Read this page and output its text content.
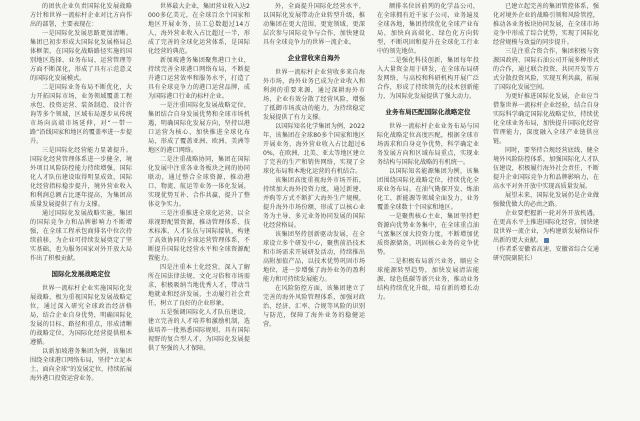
的团伙企业负责国际化发展战略方针和世界一流标杆企业对比方向作出的部署，主要表现在：

一是国际化发展思路更加清晰。集团已初步形成大国际化发展格局总体框架，在国际化战略路径实施的国别地区选择、业务布局、运营管理等方面不断深化，形成了具有示范意义的国际化发展模式。

二是国际业务布局不断优化，大力开拓国际市场，业务领域覆盖工程承包、投资运营、装备制造、设计咨询等多个领域，区域布局逐步从传统市场向高端市场延伸，对“一带一路”沿线国家和地区的覆盖率进一步提升。

三是国际化经营能力显著提升。国际化经营管理体系进一步健全，境外项目风险防控能力持续增强，国际化人才队伍建设取得明显成效，国际化经营指标稳步提升，境外营业收入和利润总额占比逐年提高，为集团高质量发展提供了有力支撑。

通过国际化发展战略实施，集团的国际竞争力和品牌影响力不断增强，在全球工程承包商排名中位次持续前移，为企业可持续发展奠定了坚实基础，也为服务国家对外开放大局作出了积极贡献。

国际化发展战略定位

世界一流标杆企业实施国际化发展战略，极为重视国际化发展战略定位，通过深入研究全球政治经济格局，结合企业自身优势，明确国际化发展的目标、路径和重点，形成清晰的战略定位，为国际化经营提供根本遵循。

以新加坡港务集团为例，该集团围绕全球港口网络布局，坚持“立足本土、面向全球”的发展定位，持续拓展海外港口投资运营业务。

世界最大企业，集团营业收入达2000多亿美元，在全球百余个国家和地区开展业务，员工总数超过14万人，海外营业收入占比超过一半，形成了完善的全球化运营体系，是国际化经营的典范。

新加坡港务集团聚焦港口主业，持续完善全球港口网络布局，不断提升港口运营效率和服务水平，打造了具有全球竞争力的港口运营品牌，成为国际港口行业的标杆企业。

一是注重国际化发展战略定位，集团结合自身发展优势和全球市场机遇，明确国际化发展方向，坚持以港口运营为核心，加快推进全球化布局，形成了覆盖亚洲、欧洲、美洲等地区的港口网络。

二是注重战略协同，集团在国际化发展中注重各业务板块之间的协同联动，通过整合全球资源，推动港口、物流、航运等业务一体化发展，实现优势互补、合作共赢，提升了整体竞争实力。

三是注重推进全球化运营，以全球视野配置资源，推动管理体系、技术标准、人才队伍与国际接轨，构建了高效协同的全球运营管理体系，不断提升国际化经营水平和全球资源配置能力。

四是注重本土化经营，深入了解所在国法律法规、文化习俗和市场需求，积极吸纳当地优秀人才，带动当地就业和经济发展，主动履行社会责任，树立了良好的企业形象。

五是强调国际化人才队伍建设，建立完善的人才培养和激励机制，选拔培养一批熟悉国际规则、具有国际视野的复合型人才，为国际化发展提供了坚强的人才保障。

外，全面提升国际化经营水平，以国际化发展带动企业转型升级，推动集团在更大范围、更宽领域、更深层次参与国际竞争与合作，加快建设具有全球竞争力的世界一流企业。

企业营收来自海外

世界一流标杆企业营收多来自海外市场，海外业务已成为企业收入和利润的重要来源，通过深耕海外市场，企业有效分散了经营风险，增强了抵御市场波动的能力，为持续稳定发展提供了有力支撑。

以国际知名化学集团为例，2022年，该集团在全球80多个国家和地区开展业务，海外营业收入占比超过60%，在欧洲、北美、亚太等地区建立了完善的生产和销售网络，实现了全球化布局和本地化运营的有机结合。

该集团高度重视海外市场开拓，持续加大海外投资力度，通过新建、并购等方式不断扩大海外生产规模，提升海外市场份额，形成了以核心业务为主导、多元业务协同发展的国际化经营格局。

该集团坚持创新驱动发展，在全球设立多个研发中心，聚焦前沿技术和市场需求开展研发活动，持续推出高附加值产品，以技术优势巩固市场地位，进一步增强了海外业务的盈利能力和可持续发展能力。

在风险防控方面，该集团建立了完善的海外风险管理体系，加强对政治、经济、汇率、合规等风险的识别与防范，保障了海外业务的稳健运营。

额排名位居前列的化学品公司，在全球拥有近千家子公司，业务遍及全球各地，集团持续优化全球产业布局，加快向高端化、绿色化方向转型，不断巩固和提升在全球化工行业中的领先地位。

二是强化科技创新，集团每年投入大量资金用于研发，在全球布局研发网络，与高校和科研机构开展广泛合作，形成了持续领先的技术创新能力，为国际化发展提供了强大动力。

业务布局匹配国际化战略定位

世界一流标杆企业业务布局与国际化战略定位高度匹配，根据全球市场需求和自身竞争优势，科学确定业务发展方向和区域布局重点，实现业务结构与国际化战略的有机统一。

以国际知名能源集团为例，该集团围绕国际化战略定位，持续优化全球业务布局，在油气勘探开发、炼油化工、新能源等领域全面发力，业务覆盖全球数十个国家和地区。

一是聚焦核心主业，集团坚持把资源向优势业务集中，在全球重点油气富集区加大投资力度，不断增加优质资源储备，巩固核心业务的竞争优势。

二是积极布局新兴业务，顺应全球能源转型趋势，加快发展清洁能源、绿色低碳等新兴业务，推动业务结构持续优化升级，培育新的增长动力。

已建立起完善的集团管控体系，强化对境外企业的战略引领和风险管控，推动各业务板块协同发展，在全球市场竞争中形成了综合优势，实现了国际化经营规模与效益的同步提升。

三是注重合资合作，集团积极与资源国政府、国际石油公司开展多种形式的合作，通过联合投资、共同开发等方式分散投资风险，实现互利共赢，拓展了国际化发展空间。

为更好推进国际化发展，企业应当借鉴世界一流标杆企业经验，结合自身实际科学确定国际化战略定位，持续优化全球业务布局，加快提升国际化经营管理能力，深度融入全球产业链供应链。

同时，要坚持合规经营底线，健全境外风险防控体系，加强国际化人才队伍建设，积极履行海外社会责任，不断提升企业国际竞争力和品牌影响力，在高水平对外开放中实现高质量发展。

展望未来，国际化发展仍是企业做强做优做大的必由之路。

企业要把握新一轮对外开放机遇，在更高水平上推进国际化经营，加快建设世界一流企业，为构建新发展格局作出新的更大贡献。

（作者系安徽省高速、安徽省综合交通研究院副院长）
